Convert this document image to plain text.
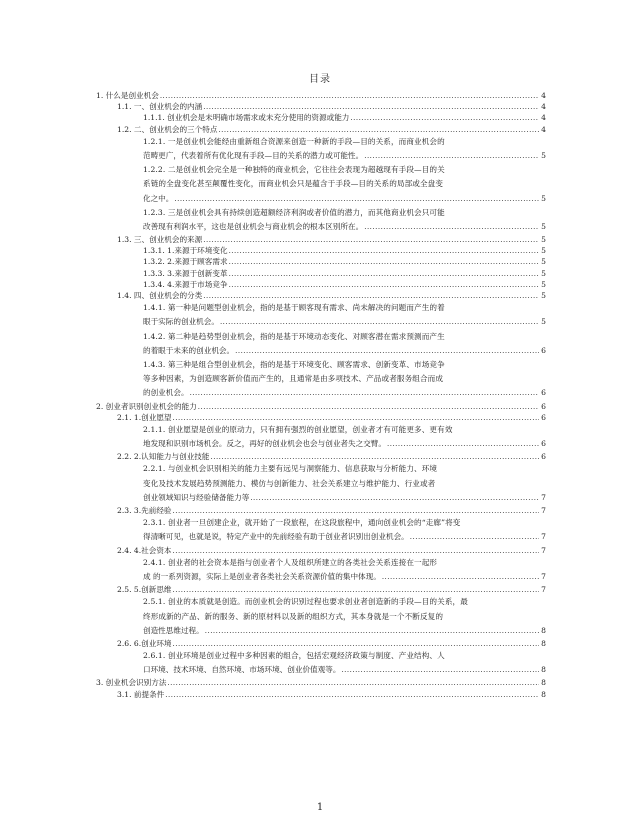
目录
1. 什么是创业机会 .....	4
1.1. 一、创业机会的内涵 .....	4
1.1.1. 创业机会是未明确市场需求或未充分使用的资源或能力 .....	4
1.2. 二、创业机会的三个特点 .....	4
1.2.1. 一是创业机会能经由重新组合资源来创造一种新的手段—目的关系，而商业机会的
范畴更广，代表着所有优化现有手段—目的关系的潜力或可能性。 .....	5
1.2.2. 二是创业机会完全是一种独特的商业机会，它往往会表现为超越现有手段—目的关
系链的全盘变化甚至颠覆性变化，而商业机会只是蕴含于手段—目的关系的局部或全盘变
化之中。 .....	5
1.2.3. 三是创业机会具有持续创造超额经济利润或者价值的潜力，而其他商业机会只可能
改善现有利润水平，这也是创业机会与商业机会的根本区别所在。 .....	5
1.3. 三、创业机会的来源 .....	5
1.3.1. 1.来源于环境变化 .....	5
1.3.2. 2.来源于顾客需求 .....	5
1.3.3. 3.来源于创新变革 .....	5
1.3.4. 4.来源于市场竞争 .....	5
1.4. 四、创业机会的分类 .....	5
1.4.1. 第一种是问题型创业机会，指的是基于顾客现有需求、尚未解决的问题而产生的着
眼于实际的创业机会。 .....	5
1.4.2. 第二种是趋势型创业机会，指的是基于环境动态变化、对顾客潜在需求预测而产生
的着眼于未来的创业机会。 .....	6
1.4.3. 第三种是组合型创业机会，指的是基于环境变化、顾客需求、创新变革、市场竞争
等多种因素，为创造顾客新价值而产生的，且通常是由多项技术、产品或者服务组合而成
的创业机会。 .....	6
2. 创业者识别创业机会的能力 .....	6
2.1. 1.创业愿望 .....	6
2.1.1. 创业愿望是创业的原动力，只有拥有强烈的创业愿望，创业者才有可能更多、更有效
地发现和识别市场机会。反之，再好的创业机会也会与创业者失之交臂。 .....	6
2.2. 2.认知能力与创业技能 .....	6
2.2.1. 与创业机会识别相关的能力主要有远见与洞察能力、信息获取与分析能力、环境
变化及技术发展趋势预测能力、模仿与创新能力、社会关系建立与维护能力、行业或者
创业领域知识与经验储备能力等 .....	7
2.3. 3.先前经验 .....	7
2.3.1. 创业者一旦创建企业，就开始了一段旅程，在这段旅程中，通向创业机会的“走廊”将变
得清晰可见，也就是说，特定产业中的先前经验有助于创业者识别出创业机会。 .....	7
2.4. 4.社会资本 .....	7
2.4.1. 创业者的社会资本是指与创业者个人及组织所建立的各类社会关系连接在一起形
成 的一系列资源，实际上是创业者各类社会关系资源价值的集中体现。 .....	7
2.5. 5.创新思维 .....	7
2.5.1. 创业的本质就是创造。而创业机会的识别过程也要求创业者创造新的手段—目的关系，最
终形成新的产品、新的服务、新的原材料以及新的组织方式，其本身就是一个不断反复的
创造性思维过程。 .....	8
2.6. 6.创业环境 .....	8
2.6.1. 创业环境是创业过程中多种因素的组合，包括宏观经济政策与制度、产业结构、人
口环境、技术环境、自然环境、市场环境、创业价值观等。 .....	8
3. 创业机会识别方法 .....	8
3.1. 前提条件 .....	8
1
